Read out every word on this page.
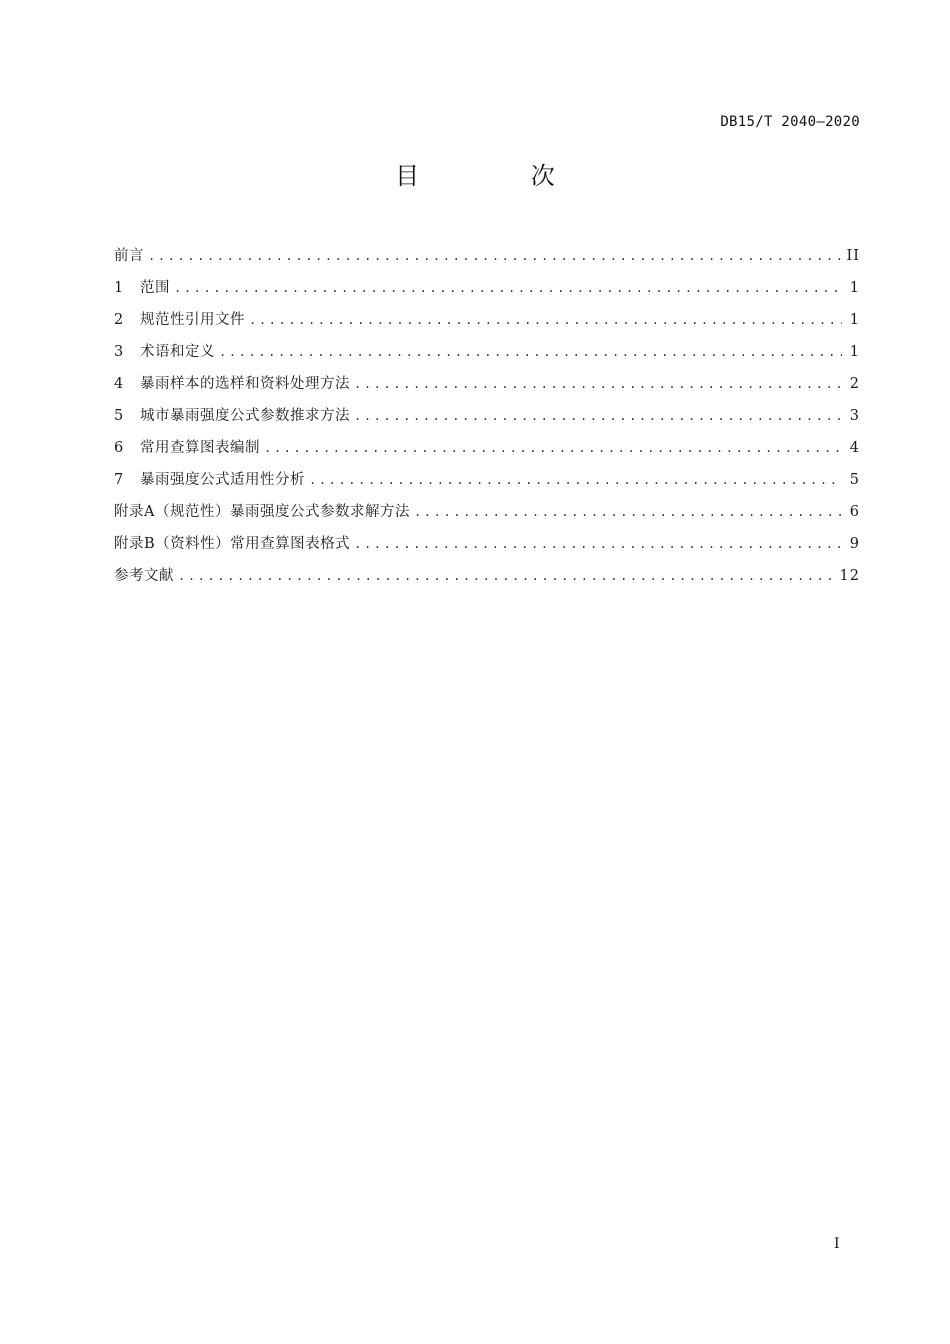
DB15/T 2040—2020
目 次
前言 .....	II
1	范围 .....	1
2	规范性引用文件 .....	1
3	术语和定义 .....	1
4	暴雨样本的选样和资料处理方法 .....	2
5	城市暴雨强度公式参数推求方法 .....	3
6	常用查算图表编制 .....	4
7	暴雨强度公式适用性分析 .....	5
附录A（规范性）暴雨强度公式参数求解方法 .....	6
附录B（资料性）常用查算图表格式 .....	9
参考文献 .....	12
I
